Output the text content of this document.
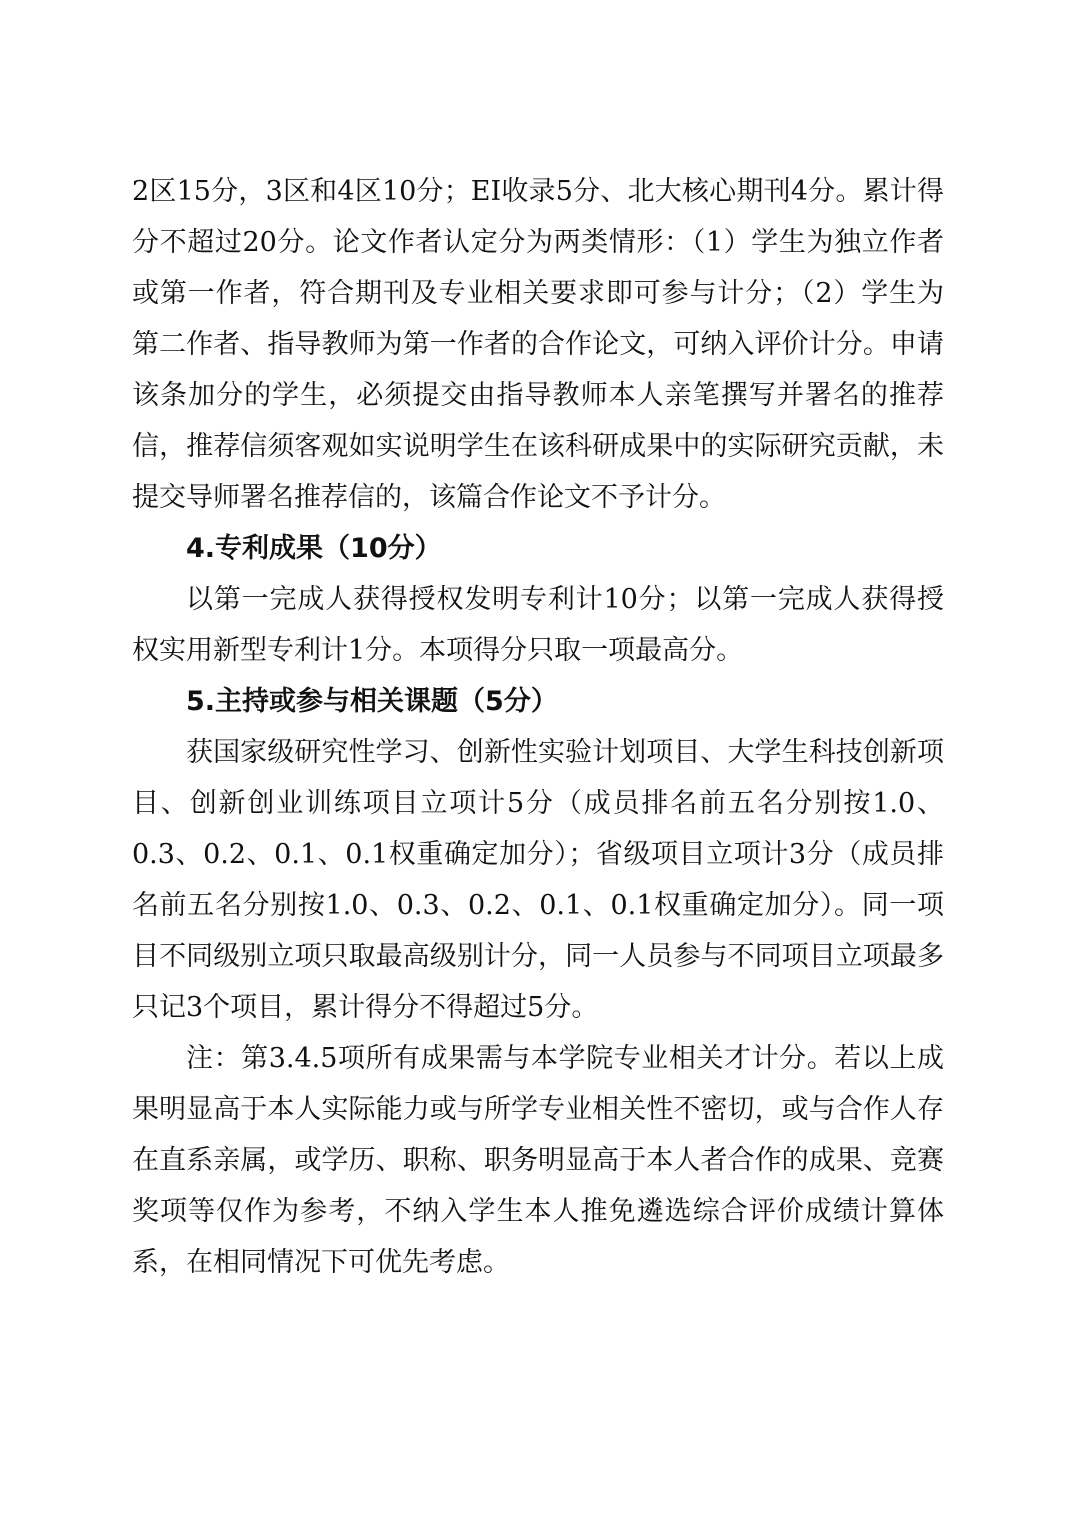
2区15分，3区和4区10分；EI收录5分、北大核心期刊4分。累计得分不超过20分。论文作者认定分为两类情形：（1）学生为独立作者或第一作者，符合期刊及专业相关要求即可参与计分；（2）学生为第二作者、指导教师为第一作者的合作论文，可纳入评价计分。申请该条加分的学生，必须提交由指导教师本人亲笔撰写并署名的推荐信，推荐信须客观如实说明学生在该科研成果中的实际研究贡献，未提交导师署名推荐信的，该篇合作论文不予计分。

4.专利成果（10分）

以第一完成人获得授权发明专利计10分；以第一完成人获得授权实用新型专利计1分。本项得分只取一项最高分。

5.主持或参与相关课题（5分）

获国家级研究性学习、创新性实验计划项目、大学生科技创新项目、创新创业训练项目立项计5分（成员排名前五名分别按1.0、0.3、0.2、0.1、0.1权重确定加分）；省级项目立项计3分（成员排名前五名分别按1.0、0.3、0.2、0.1、0.1权重确定加分）。同一项目不同级别立项只取最高级别计分，同一人员参与不同项目立项最多只记3个项目，累计得分不得超过5分。

注：第3.4.5项所有成果需与本学院专业相关才计分。若以上成果明显高于本人实际能力或与所学专业相关性不密切，或与合作人存在直系亲属，或学历、职称、职务明显高于本人者合作的成果、竞赛奖项等仅作为参考，不纳入学生本人推免遴选综合评价成绩计算体系，在相同情况下可优先考虑。
